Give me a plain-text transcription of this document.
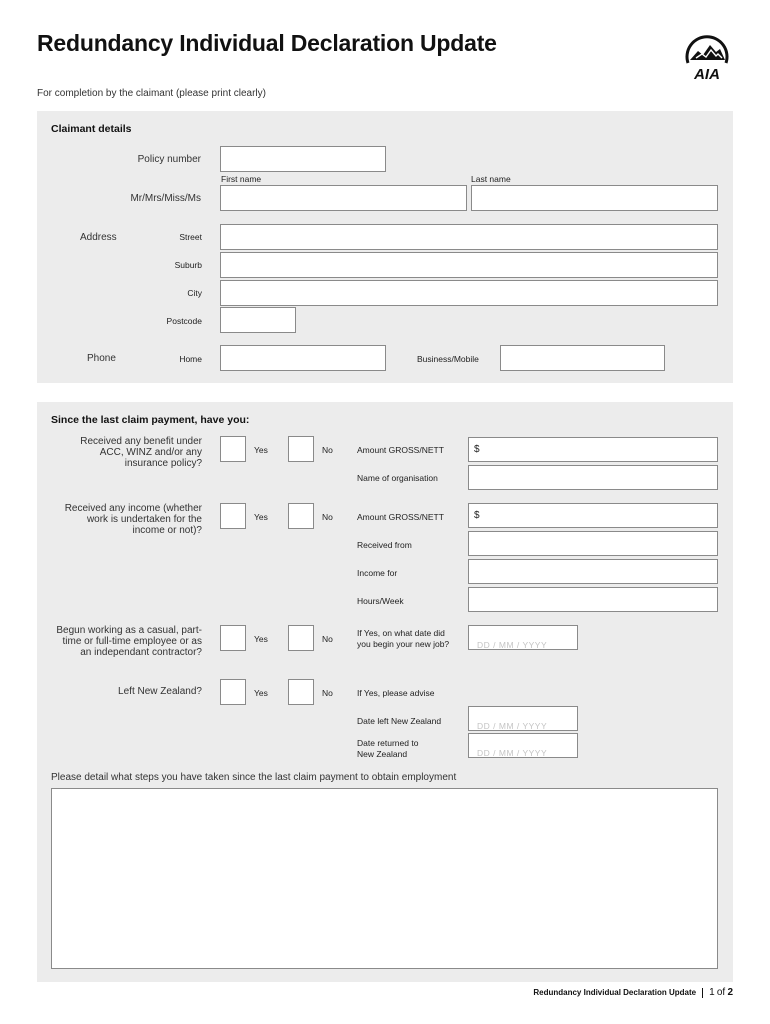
Redundancy Individual Declaration Update
For completion by the claimant (please print clearly)
AIA
Claimant details
Policy number
First name	Last name
Mr/Mrs/Miss/Ms
Address	Street
Suburb
City
Postcode
Phone	Home	Business/Mobile
Since the last claim payment, have you:
Received any benefit under ACC, WINZ and/or any insurance policy?
Yes	No	Amount GROSS/NETT	$
Name of organisation
Received any income (whether work is undertaken for the income or not)?
Yes	No	Amount GROSS/NETT	$
Received from
Income for
Hours/Week
Begun working as a casual, part-time or full-time employee or as an independant contractor?
Yes	No
If Yes, on what date did you begin your new job?	DD / MM / YYYY
Left New Zealand?	Yes	No	If Yes, please advise
Date left New Zealand	DD / MM / YYYY
Date returned to New Zealand	DD / MM / YYYY
Please detail what steps you have taken since the last claim payment to obtain employment
Redundancy Individual Declaration Update 1 of 2
